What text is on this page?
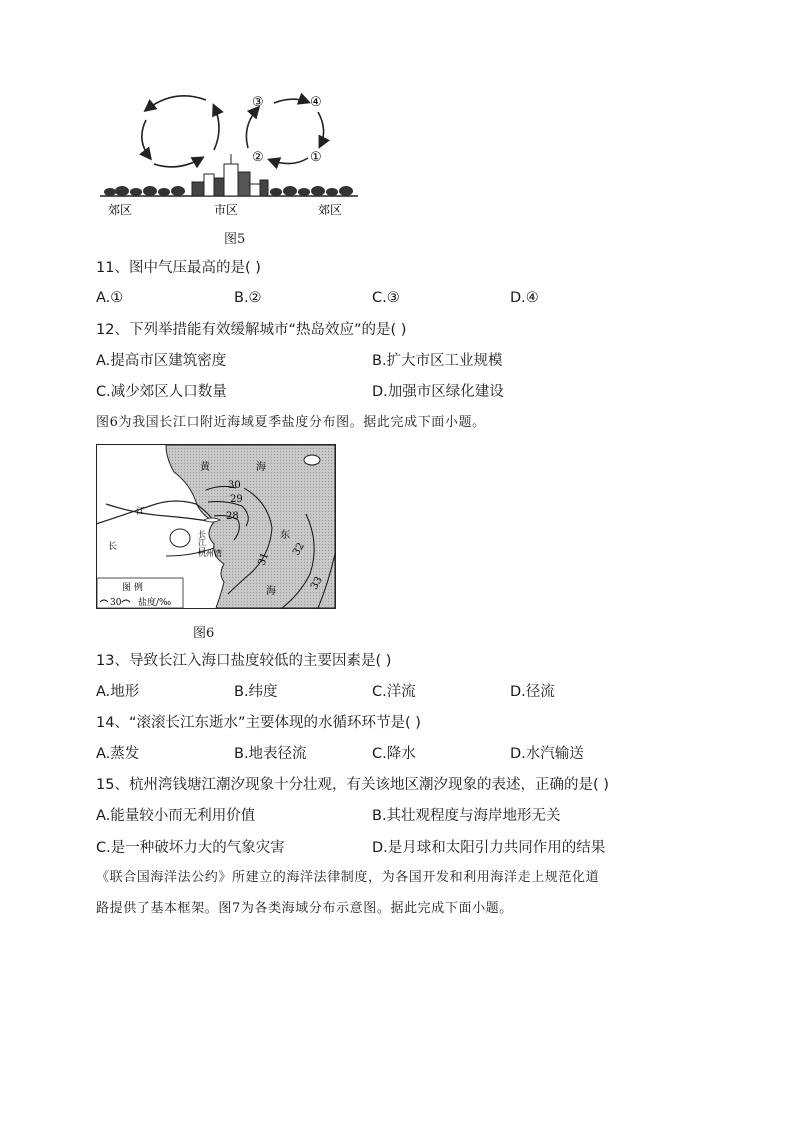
③	④
②	①
郊区	市区	郊区
图5
11、图中气压最高的是( )
A.①	B.②	C.③	D.④
12、下列举措能有效缓解城市“热岛效应”的是( )
A.提高市区建筑密度	B.扩大市区工业规模
C.减少郊区人口数量	D.加强市区绿化建设
图6为我国长江口附近海域夏季盐度分布图。据此完成下面小题。
30
29
28
31
32
33
黄	海
东
海
江
长	长江口
杭州湾
图 例
30 盐度/‰
图6
13、导致长江入海口盐度较低的主要因素是( )
A.地形	B.纬度	C.洋流	D.径流
14、“滚滚长江东逝水”主要体现的水循环环节是( )
A.蒸发	B.地表径流	C.降水	D.水汽输送
15、杭州湾钱塘江潮汐现象十分壮观，有关该地区潮汐现象的表述，正确的是( )
A.能量较小而无利用价值	B.其壮观程度与海岸地形无关
C.是一种破坏力大的气象灾害	D.是月球和太阳引力共同作用的结果
《联合国海洋法公约》所建立的海洋法律制度，为各国开发和利用海洋走上规范化道
路提供了基本框架。图7为各类海域分布示意图。据此完成下面小题。
